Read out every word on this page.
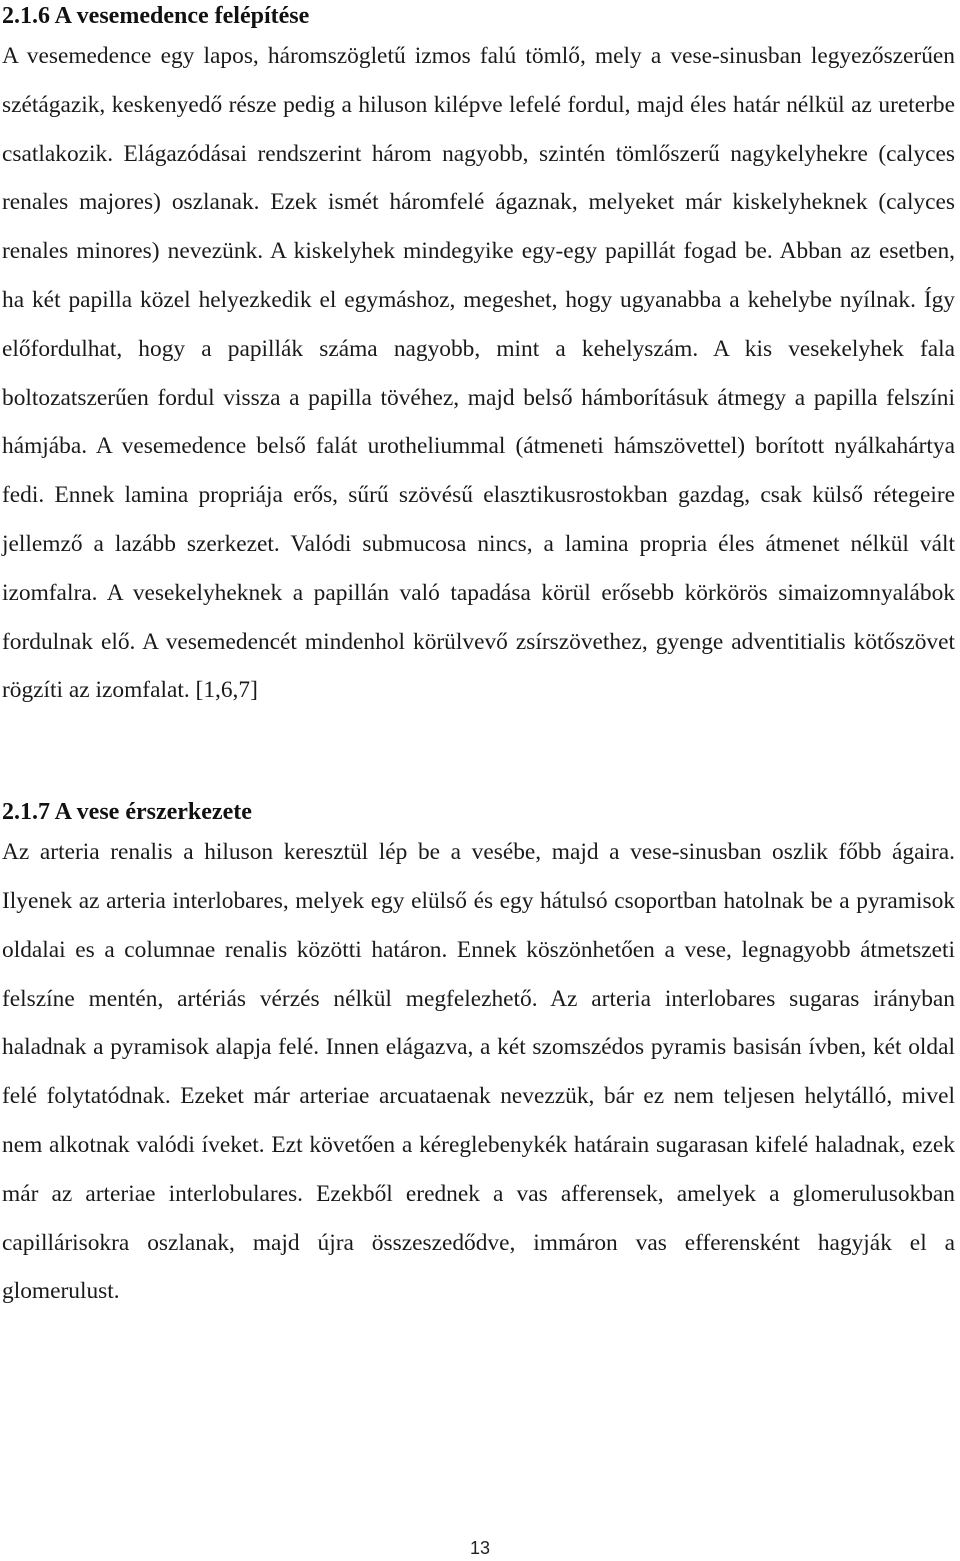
2.1.6 A vesemedence felépítése

A vesemedence egy lapos, háromszögletű izmos falú tömlő, mely a vese-sinusban legyezőszerűen szétágazik, keskenyedő része pedig a hiluson kilépve lefelé fordul, majd éles határ nélkül az ureterbe csatlakozik. Elágazódásai rendszerint három nagyobb, szintén tömlőszerű nagykelyhekre (calyces renales majores) oszlanak. Ezek ismét háromfelé ágaznak, melyeket már kiskelyheknek (calyces renales minores) nevezünk. A kiskelyhek mindegyike egy-egy papillát fogad be. Abban az esetben, ha két papilla közel helyezkedik el egymáshoz, megeshet, hogy ugyanabba a kehelybe nyílnak. Így előfordulhat, hogy a papillák száma nagyobb, mint a kehelyszám. A kis vesekelyhek fala boltozatszerűen fordul vissza a papilla tövéhez, majd belső hámborításuk átmegy a papilla felszíni hámjába. A vesemedence belső falát urotheliummal (átmeneti hámszövettel) borított nyálkahártya fedi. Ennek lamina propriája erős, sűrű szövésű elasztikusrostokban gazdag, csak külső rétegeire jellemző a lazább szerkezet. Valódi submucosa nincs, a lamina propria éles átmenet nélkül vált izomfalra. A vesekelyheknek a papillán való tapadása körül erősebb körkörös simaizomnyalábok fordulnak elő. A vesemedencét mindenhol körülvevő zsírszövethez, gyenge adventitialis kötőszövet rögzíti az izomfalat. [1,6,7]

2.1.7 A vese érszerkezete

Az arteria renalis a hiluson keresztül lép be a vesébe, majd a vese-sinusban oszlik főbb ágaira. Ilyenek az arteria interlobares, melyek egy elülső és egy hátulsó csoportban hatolnak be a pyramisok oldalai es a columnae renalis közötti határon. Ennek köszönhetően a vese, legnagyobb átmetszeti felszíne mentén, artériás vérzés nélkül megfelezhető. Az arteria interlobares sugaras irányban haladnak a pyramisok alapja felé. Innen elágazva, a két szomszédos pyramis basisán ívben, két oldal felé folytatódnak. Ezeket már arteriae arcuataenak nevezzük, bár ez nem teljesen helytálló, mivel nem alkotnak valódi íveket. Ezt követően a kéreglebenykék határain sugarasan kifelé haladnak, ezek már az arteriae interlobulares. Ezekből erednek a vas afferensek, amelyek a glomerulusokban capillárisokra oszlanak, majd újra összeszedődve, immáron vas efferensként hagyják el a glomerulust.

13
